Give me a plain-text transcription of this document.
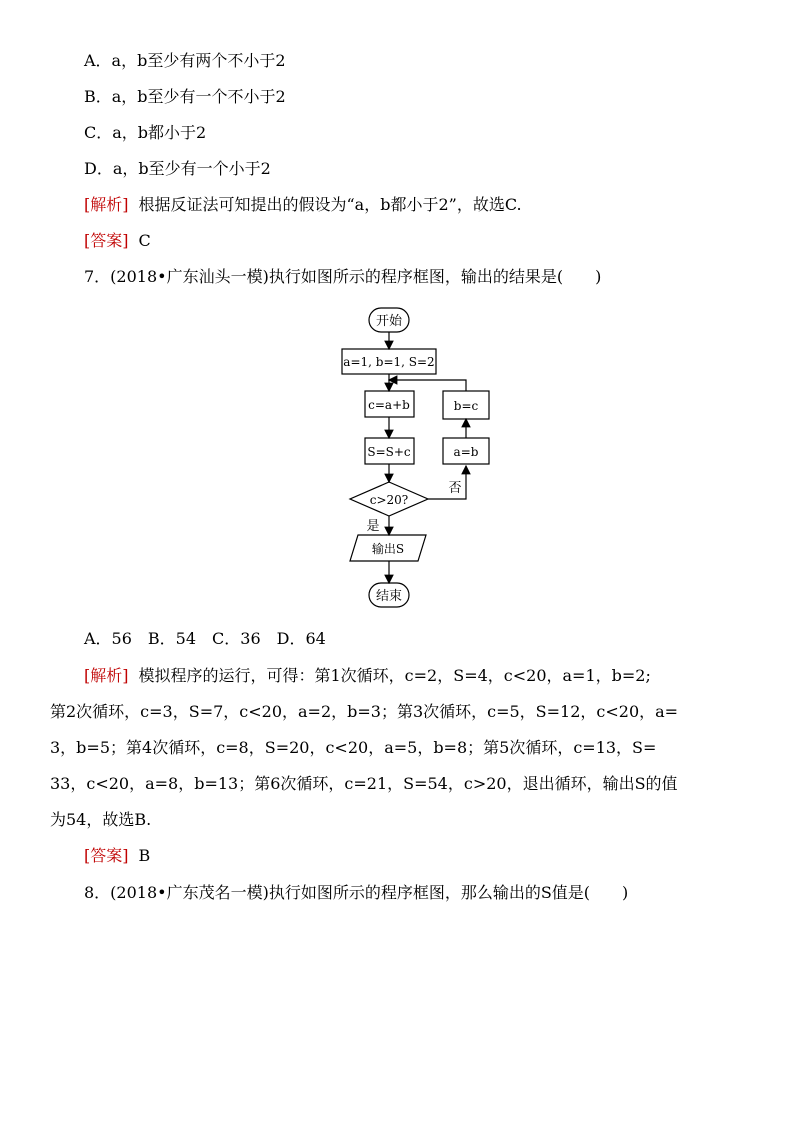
A．a，b至少有两个不小于2
B．a，b至少有一个不小于2
C．a，b都小于2
D．a，b至少有一个小于2
[解析] 根据反证法可知提出的假设为“a，b都小于2”，故选C.
[答案] C
7．(2018•广东汕头一模)执行如图所示的程序框图，输出的结果是(　　)
开始
a=1, b=1, S=2
c=a+b
S=S+c
c>20?
输出S
结束
b=c
a=b
否
是
A．56　B．54　C．36　D．64
[解析] 模拟程序的运行，可得：第1次循环，c=2，S=4，c<20，a=1，b=2;
第2次循环，c=3，S=7，c<20，a=2，b=3；第3次循环，c=5，S=12，c<20，a=
3，b=5；第4次循环，c=8，S=20，c<20，a=5，b=8；第5次循环，c=13，S=
33，c<20，a=8，b=13；第6次循环，c=21，S=54，c>20，退出循环，输出S的值
为54，故选B.
[答案] B
8．(2018•广东茂名一模)执行如图所示的程序框图，那么输出的S值是(　　)
